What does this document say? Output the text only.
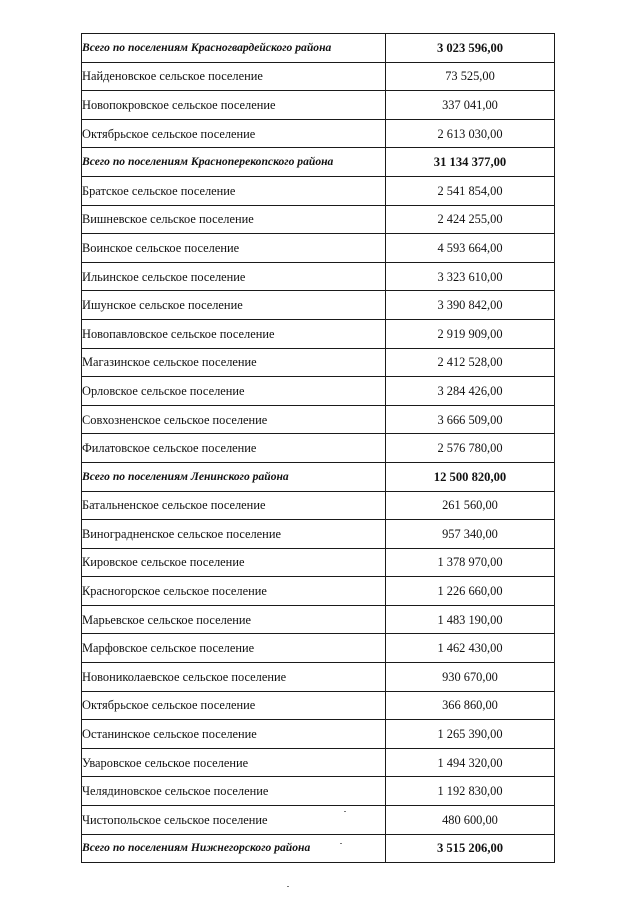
Всего по поселениям Красногвардейского района	3 023 596,00
Найденовское сельское поселение	73 525,00
Новопокровское сельское поселение	337 041,00
Октябрьское сельское поселение	2 613 030,00
Всего по поселениям Красноперекопского района	31 134 377,00
Братское сельское поселение	2 541 854,00
Вишневское сельское поселение	2 424 255,00
Воинское сельское поселение	4 593 664,00
Ильинское сельское поселение	3 323 610,00
Ишунское сельское поселение	3 390 842,00
Новопавловское сельское поселение	2 919 909,00
Магазинское сельское поселение	2 412 528,00
Орловское сельское поселение	3 284 426,00
Совхозненское сельское поселение	3 666 509,00
Филатовское сельское поселение	2 576 780,00
Всего по поселениям Ленинского района	12 500 820,00
Батальненское сельское поселение	261 560,00
Виноградненское сельское поселение	957 340,00
Кировское сельское поселение	1 378 970,00
Красногорское сельское поселение	1 226 660,00
Марьевское сельское поселение	1 483 190,00
Марфовское сельское поселение	1 462 430,00
Новониколаевское сельское поселение	930 670,00
Октябрьское сельское поселение	366 860,00
Останинское сельское поселение	1 265 390,00
Уваровское сельское поселение	1 494 320,00
Челядиновское сельское поселение	1 192 830,00
Чистопольское сельское поселение	480 600,00
Всего по поселениям Нижнегорского района	3 515 206,00
